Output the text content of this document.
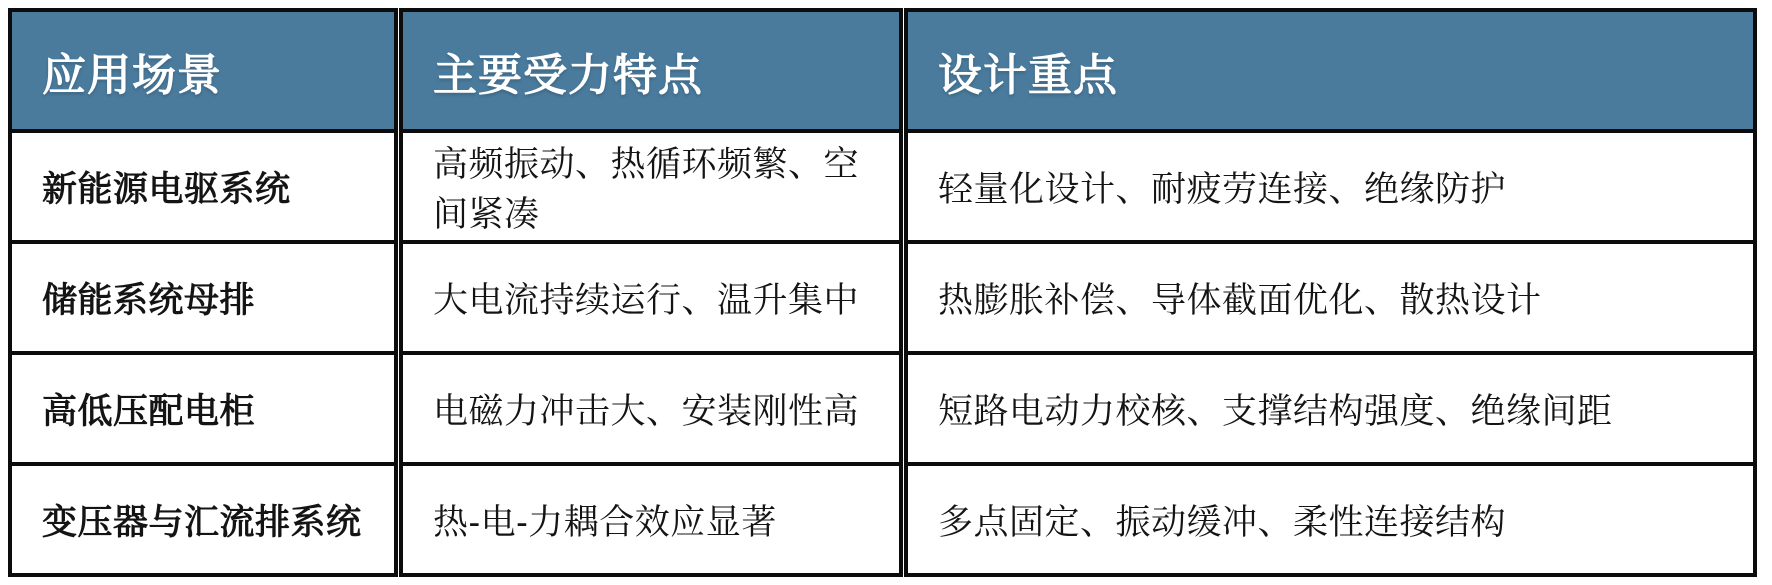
应用场景
新能源电驱系统
储能系统母排
高低压配电柜
变压器与汇流排系统
主要受力特点
高频振动、热循环频繁、空间紧凑
大电流持续运行、温升集中
电磁力冲击大、安装刚性高
热-电-力耦合效应显著
设计重点
轻量化设计、耐疲劳连接、绝缘防护
热膨胀补偿、导体截面优化、散热设计
短路电动力校核、支撑结构强度、绝缘间距
多点固定、振动缓冲、柔性连接结构
